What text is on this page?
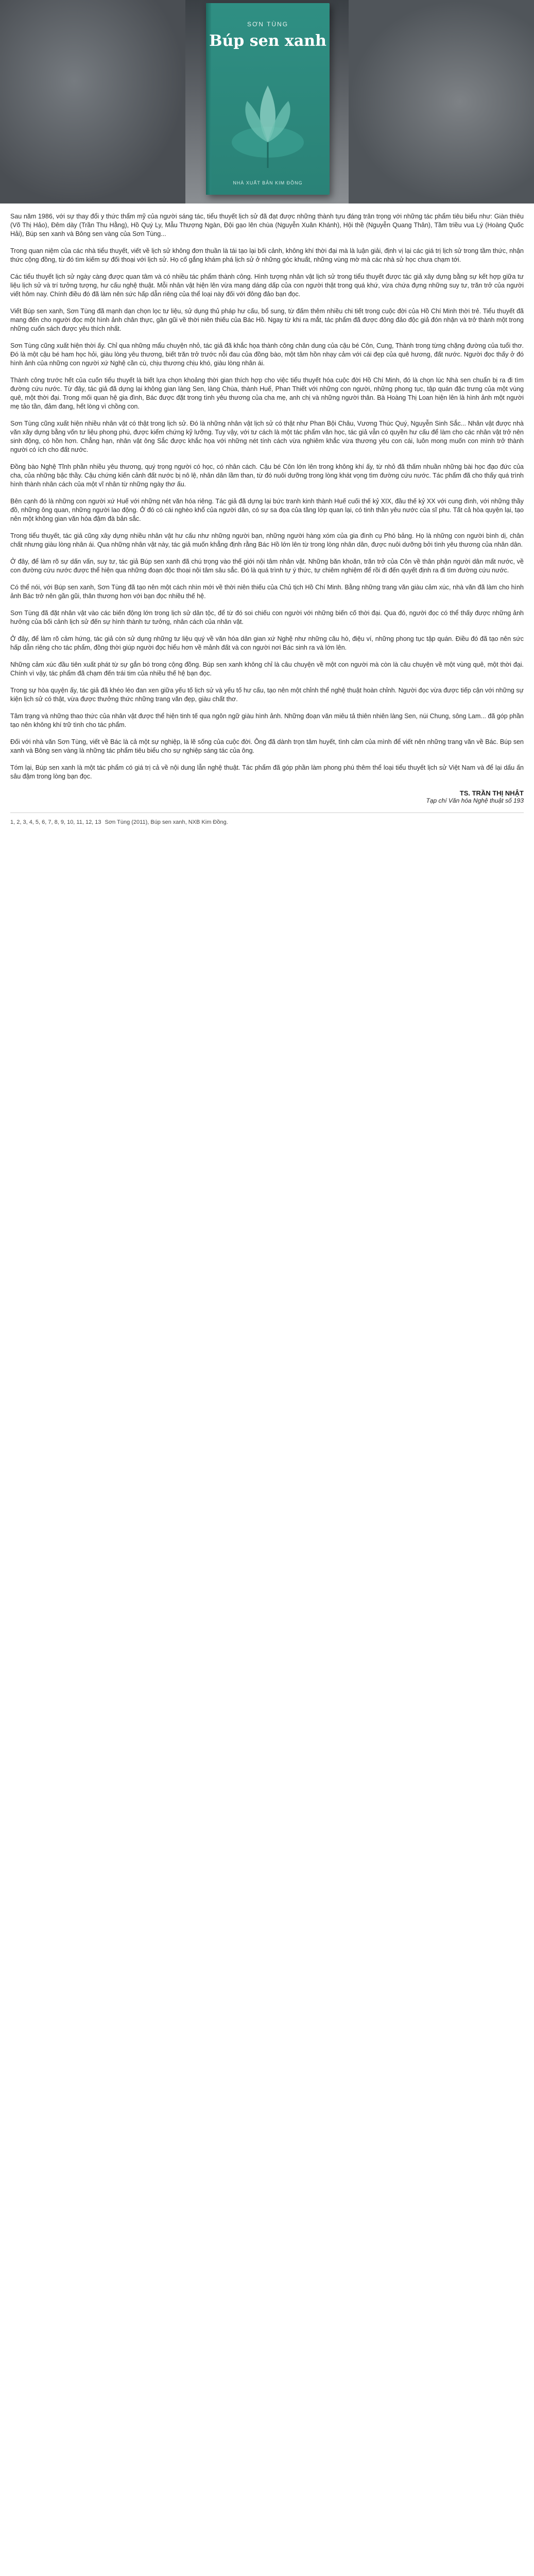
SƠN TÙNG
Búp sen xanh
NHÀ XUẤT BẢN KIM ĐỒNG

Sau năm 1986, với sự thay đổi y thức thẩm mỹ của người sáng tác, tiểu thuyết lịch sử đã đạt được những thành tựu đáng trân trọng với những tác phẩm tiêu biểu như: Giàn thiêu (Võ Thị Hảo), Đêm dày (Trần Thu Hằng), Hồ Quý Ly, Mẫu Thượng Ngàn, Đội gạo lên chùa (Nguyễn Xuân Khánh), Hội thề (Nguyễn Quang Thân), Tầm triều vua Lý (Hoàng Quốc Hải), Búp sen xanh và Bông sen vàng của Sơn Tùng...

Trong quan niệm của các nhà tiểu thuyết, viết về lịch sử không đơn thuần là tái tạo lại bối cảnh, không khí thời đại mà là luận giải, định vị lại các giá trị lịch sử trong tầm thức, nhận thức cộng đồng, từ đó tìm kiếm sự đối thoại với lịch sử. Họ cố gắng khám phá lịch sử ở những góc khuất, những vùng mờ mà các nhà sử học chưa chạm tới.

Các tiểu thuyết lịch sử ngày càng được quan tâm và có nhiều tác phẩm thành công. Hình tượng nhân vật lịch sử trong tiểu thuyết được tác giả xây dựng bằng sự kết hợp giữa tư liệu lịch sử và trí tưởng tượng, hư cấu nghệ thuật. Mỗi nhân vật hiện lên vừa mang dáng dấp của con người thật trong quá khứ, vừa chứa đựng những suy tư, trăn trở của người viết hôm nay. Chính điều đó đã làm nên sức hấp dẫn riêng của thể loại này đối với đông đảo bạn đọc.

Viết Búp sen xanh, Sơn Tùng đã mạnh dạn chọn lọc tư liệu, sử dụng thủ pháp hư cấu, bổ sung, từ đấm thêm nhiều chi tiết trong cuộc đời của Hồ Chí Minh thời trẻ. Tiểu thuyết đã mang đến cho người đọc một hình ảnh chân thực, gần gũi về thời niên thiếu của Bác Hồ. Ngay từ khi ra mắt, tác phẩm đã được đông đảo độc giả đón nhận và trở thành một trong những cuốn sách được yêu thích nhất.

Sơn Tùng cũng xuất hiện thời ấy. Chỉ qua những mẩu chuyện nhỏ, tác giả đã khắc họa thành công chân dung của cậu bé Côn, Cung, Thành trong từng chặng đường của tuổi thơ. Đó là một cậu bé ham học hỏi, giàu lòng yêu thương, biết trăn trở trước nỗi đau của đồng bào, một tâm hồn nhạy cảm với cái đẹp của quê hương, đất nước. Người đọc thấy ở đó hình ảnh của những con người xứ Nghệ cần cù, chịu thương chịu khó, giàu lòng nhân ái.

Thành công trước hết của cuốn tiểu thuyết là biết lựa chọn khoảng thời gian thích hợp cho việc tiểu thuyết hóa cuộc đời Hồ Chí Minh, đó là chọn lúc Nhà sen chuẩn bị ra đi tìm đường cứu nước. Từ đây, tác giả đã dựng lại không gian làng Sen, làng Chùa, thành Huế, Phan Thiết với những con người, những phong tục, tập quán đặc trưng của một vùng quê, một thời đại. Trong mối quan hệ gia đình, Bác được đặt trong tình yêu thương của cha mẹ, anh chị và những người thân. Bà Hoàng Thị Loan hiện lên là hình ảnh một người mẹ tảo tần, đảm đang, hết lòng vì chồng con.

Sơn Tùng cũng xuất hiện nhiều nhân vật có thật trong lịch sử. Đó là những nhân vật lịch sử có thật như Phan Bội Châu, Vương Thúc Quý, Nguyễn Sinh Sắc... Nhân vật được nhà văn xây dựng bằng vốn tư liệu phong phú, được kiểm chứng kỹ lưỡng. Tuy vậy, với tư cách là một tác phẩm văn học, tác giả vẫn có quyền hư cấu để làm cho các nhân vật trở nên sinh động, có hồn hơn. Chẳng hạn, nhân vật ông Sắc được khắc họa với những nét tính cách vừa nghiêm khắc vừa thương yêu con cái, luôn mong muốn con mình trở thành người có ích cho đất nước.

Đồng bào Nghệ Tĩnh phần nhiều yêu thương, quý trọng người có học, có nhân cách. Cậu bé Côn lớn lên trong không khí ấy, từ nhỏ đã thấm nhuần những bài học đạo đức của cha, của những bậc thầy. Cậu chứng kiến cảnh đất nước bị nô lệ, nhân dân lầm than, từ đó nuôi dưỡng trong lòng khát vọng tìm đường cứu nước. Tác phẩm đã cho thấy quá trình hình thành nhân cách của một vĩ nhân từ những ngày thơ ấu.

Bên cạnh đó là những con người xứ Huế với những nét văn hóa riêng. Tác giả đã dựng lại bức tranh kinh thành Huế cuối thế kỷ XIX, đầu thế kỷ XX với cung đình, với những thầy đồ, những ông quan, những người lao động. Ở đó có cái nghèo khổ của người dân, có sự sa đọa của tầng lớp quan lại, có tinh thần yêu nước của sĩ phu. Tất cả hòa quyện lại, tạo nên một không gian văn hóa đậm đà bản sắc.

Trong tiểu thuyết, tác giả cũng xây dựng nhiều nhân vật hư cấu như những người bạn, những người hàng xóm của gia đình cụ Phó bảng. Họ là những con người bình dị, chân chất nhưng giàu lòng nhân ái. Qua những nhân vật này, tác giả muốn khẳng định rằng Bác Hồ lớn lên từ trong lòng nhân dân, được nuôi dưỡng bởi tình yêu thương của nhân dân.

Ở đây, để làm rõ sự dấn vấn, suy tư, tác giả Búp sen xanh đã chú trọng vào thế giới nội tâm nhân vật. Những băn khoăn, trăn trở của Côn về thân phận người dân mất nước, về con đường cứu nước được thể hiện qua những đoạn độc thoại nội tâm sâu sắc. Đó là quá trình tự ý thức, tự chiêm nghiệm để rồi đi đến quyết định ra đi tìm đường cứu nước.

Có thể nói, với Búp sen xanh, Sơn Tùng đã tạo nên một cách nhìn mới về thời niên thiếu của Chủ tịch Hồ Chí Minh. Bằng những trang văn giàu cảm xúc, nhà văn đã làm cho hình ảnh Bác trở nên gần gũi, thân thương hơn với bạn đọc nhiều thế hệ.

Sơn Tùng đã đặt nhân vật vào các biến động lớn trong lịch sử dân tộc, để từ đó soi chiếu con người với những biến cố thời đại. Qua đó, người đọc có thể thấy được những ảnh hưởng của bối cảnh lịch sử đến sự hình thành tư tưởng, nhân cách của nhân vật.

Ở đây, để làm rõ cảm hứng, tác giả còn sử dụng những tư liệu quý về văn hóa dân gian xứ Nghệ như những câu hò, điệu ví, những phong tục tập quán. Điều đó đã tạo nên sức hấp dẫn riêng cho tác phẩm, đồng thời giúp người đọc hiểu hơn về mảnh đất và con người nơi Bác sinh ra và lớn lên.

Những cảm xúc đầu tiên xuất phát từ sự gắn bó trong cộng đồng. Búp sen xanh không chỉ là câu chuyện về một con người mà còn là câu chuyện về một vùng quê, một thời đại. Chính vì vậy, tác phẩm đã chạm đến trái tim của nhiều thế hệ bạn đọc.

Trong sự hòa quyện ấy, tác giả đã khéo léo đan xen giữa yếu tố lịch sử và yếu tố hư cấu, tạo nên một chỉnh thể nghệ thuật hoàn chỉnh. Người đọc vừa được tiếp cận với những sự kiện lịch sử có thật, vừa được thưởng thức những trang văn đẹp, giàu chất thơ.

Tâm trạng và những thao thức của nhân vật được thể hiện tinh tế qua ngôn ngữ giàu hình ảnh. Những đoạn văn miêu tả thiên nhiên làng Sen, núi Chung, sông Lam... đã góp phần tạo nên không khí trữ tình cho tác phẩm.

Đối với nhà văn Sơn Tùng, viết về Bác là cả một sự nghiệp, là lẽ sống của cuộc đời. Ông đã dành trọn tâm huyết, tình cảm của mình để viết nên những trang văn về Bác. Búp sen xanh và Bông sen vàng là những tác phẩm tiêu biểu cho sự nghiệp sáng tác của ông.

Tóm lại, Búp sen xanh là một tác phẩm có giá trị cả về nội dung lẫn nghệ thuật. Tác phẩm đã góp phần làm phong phú thêm thể loại tiểu thuyết lịch sử Việt Nam và để lại dấu ấn sâu đậm trong lòng bạn đọc.

TS. TRẦN THỊ NHẬT
Tạp chí Văn hóa Nghệ thuật số 193
1, 2, 3, 4, 5, 6, 7, 8, 9, 10, 11, 12, 13 Sơn Tùng (2011), Búp sen xanh, NXB Kim Đồng.
